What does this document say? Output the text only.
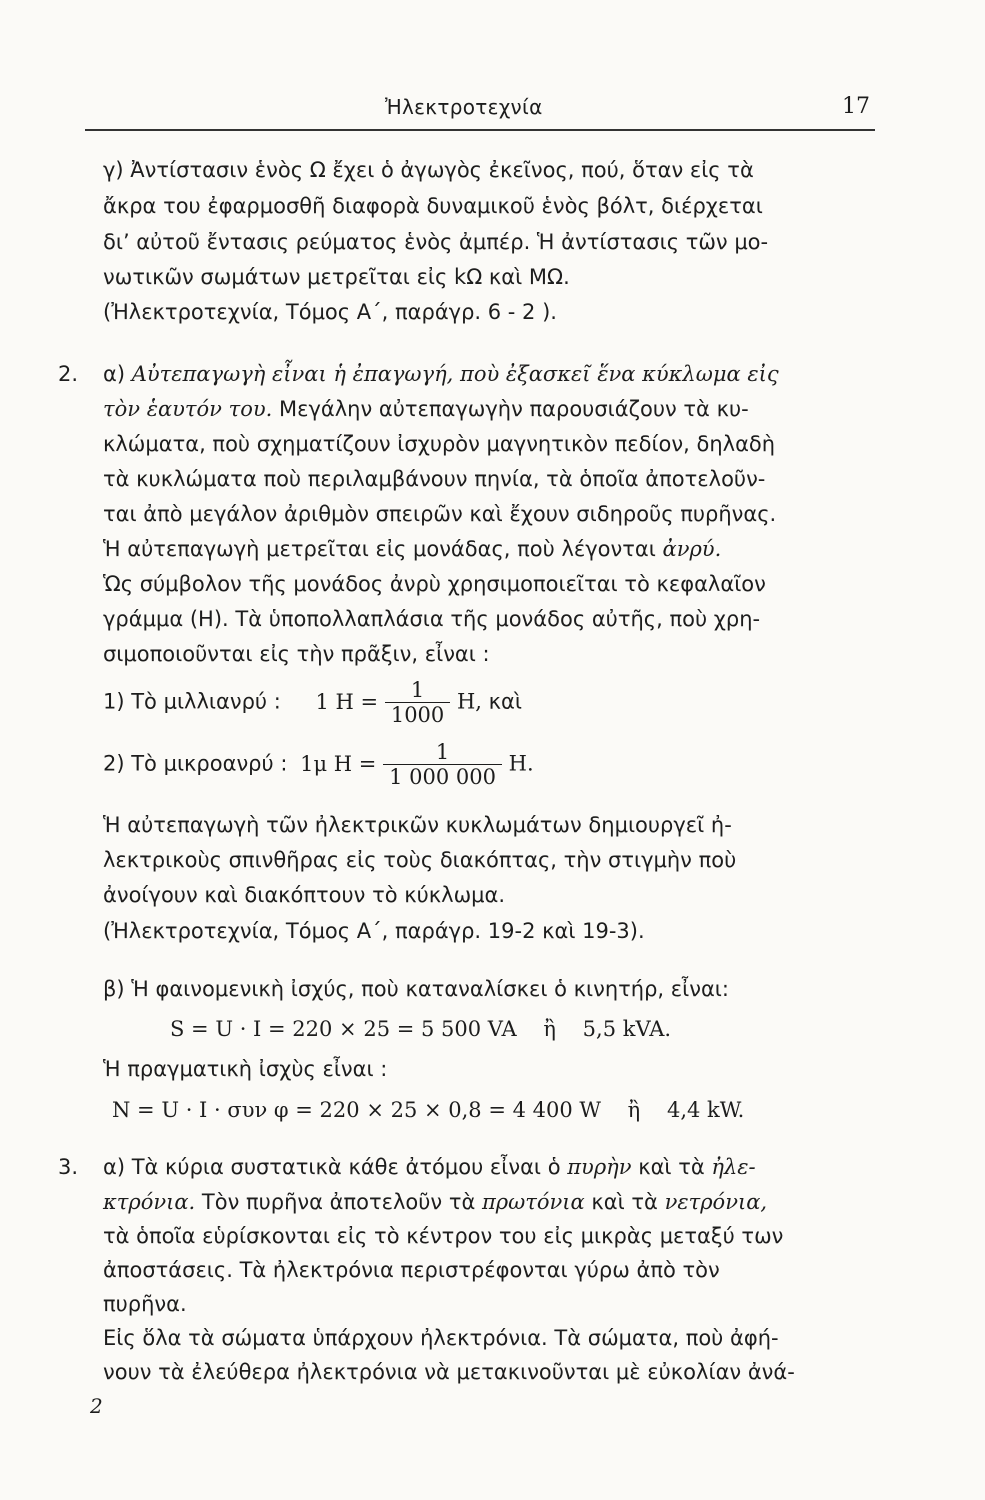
Ἠλεκτροτεχνία	17
γ) Ἀντίστασιν ἑνὸς Ω ἔχει ὁ ἀγωγὸς ἐκεῖνος, πού, ὅταν εἰς τὰ
ἄκρα του ἐφαρμοσθῆ διαφορὰ δυναμικοῦ ἑνὸς βόλτ, διέρχεται
δι’ αὐτοῦ ἔντασις ρεύματος ἑνὸς ἀμπέρ. Ἡ ἀντίστασις τῶν μο-
νωτικῶν σωμάτων μετρεῖται εἰς kΩ καὶ ΜΩ.
(Ἠλεκτροτεχνία, Τόμος Α΄, παράγρ. 6 - 2 ).
2. α) Αὐτεπαγωγὴ εἶναι ἡ ἐπαγωγή, ποὺ ἐξασκεῖ ἕνα κύκλωμα εἰς
τὸν ἑαυτόν του. Μεγάλην αὐτεπαγωγὴν παρουσιάζουν τὰ κυ-
κλώματα, ποὺ σχηματίζουν ἰσχυρὸν μαγνητικὸν πεδίον, δηλαδὴ
τὰ κυκλώματα ποὺ περιλαμβάνουν πηνία, τὰ ὁποῖα ἀποτελοῦν-
ται ἀπὸ μεγάλον ἀριθμὸν σπειρῶν καὶ ἔχουν σιδηροῦς πυρῆνας.
Ἡ αὐτεπαγωγὴ μετρεῖται εἰς μονάδας, ποὺ λέγονται ἀνρύ.
Ὡς σύμβολον τῆς μονάδος ἀνρὺ χρησιμοποιεῖται τὸ κεφαλαῖον
γράμμα (Η). Τὰ ὑποπολλαπλάσια τῆς μονάδος αὐτῆς, ποὺ χρη-
σιμοποιοῦνται εἰς τὴν πρᾶξιν, εἶναι :
1) Τὸ μιλλιανρύ : 1 $H = \frac{1}{1000} H$, καὶ
2) Τὸ μικροανρύ : 1μ $H = \frac{1}{1 000 000} H$.
Ἡ αὐτεπαγωγὴ τῶν ἠλεκτρικῶν κυκλωμάτων δημιουργεῖ ἠ-
λεκτρικοὺς σπινθῆρας εἰς τοὺς διακόπτας, τὴν στιγμὴν ποὺ
ἀνοίγουν καὶ διακόπτουν τὸ κύκλωμα.
(Ἠλεκτροτεχνία, Τόμος Α΄, παράγρ. 19-2 καὶ 19-3).
β) Ἡ φαινομενικὴ ἰσχύς, ποὺ καταναλίσκει ὁ κινητήρ, εἶναι:
S = U · I = 220 × 25 = 5 500 VA    ἢ    5,5 kVA.
Ἡ πραγματικὴ ἰσχὺς εἶναι :
N = U · I · συν φ = 220 × 25 × 0,8 = 4 400 W    ἢ    4,4 kW.
3. α) Τὰ κύρια συστατικὰ κάθε ἀτόμου εἶναι ὁ πυρὴν καὶ τὰ ἠλε-
κτρόνια. Τὸν πυρῆνα ἀποτελοῦν τὰ πρωτόνια καὶ τὰ νετρόνια,
τὰ ὁποῖα εὑρίσκονται εἰς τὸ κέντρον του εἰς μικρὰς μεταξύ των
ἀποστάσεις. Τὰ ἠλεκτρόνια περιστρέφονται γύρω ἀπὸ τὸν
πυρῆνα.
Εἰς ὅλα τὰ σώματα ὑπάρχουν ἠλεκτρόνια. Τὰ σώματα, ποὺ ἀφή-
νουν τὰ ἐλεύθερα ἠλεκτρόνια νὰ μετακινοῦνται μὲ εὐκολίαν ἀνά-
2
